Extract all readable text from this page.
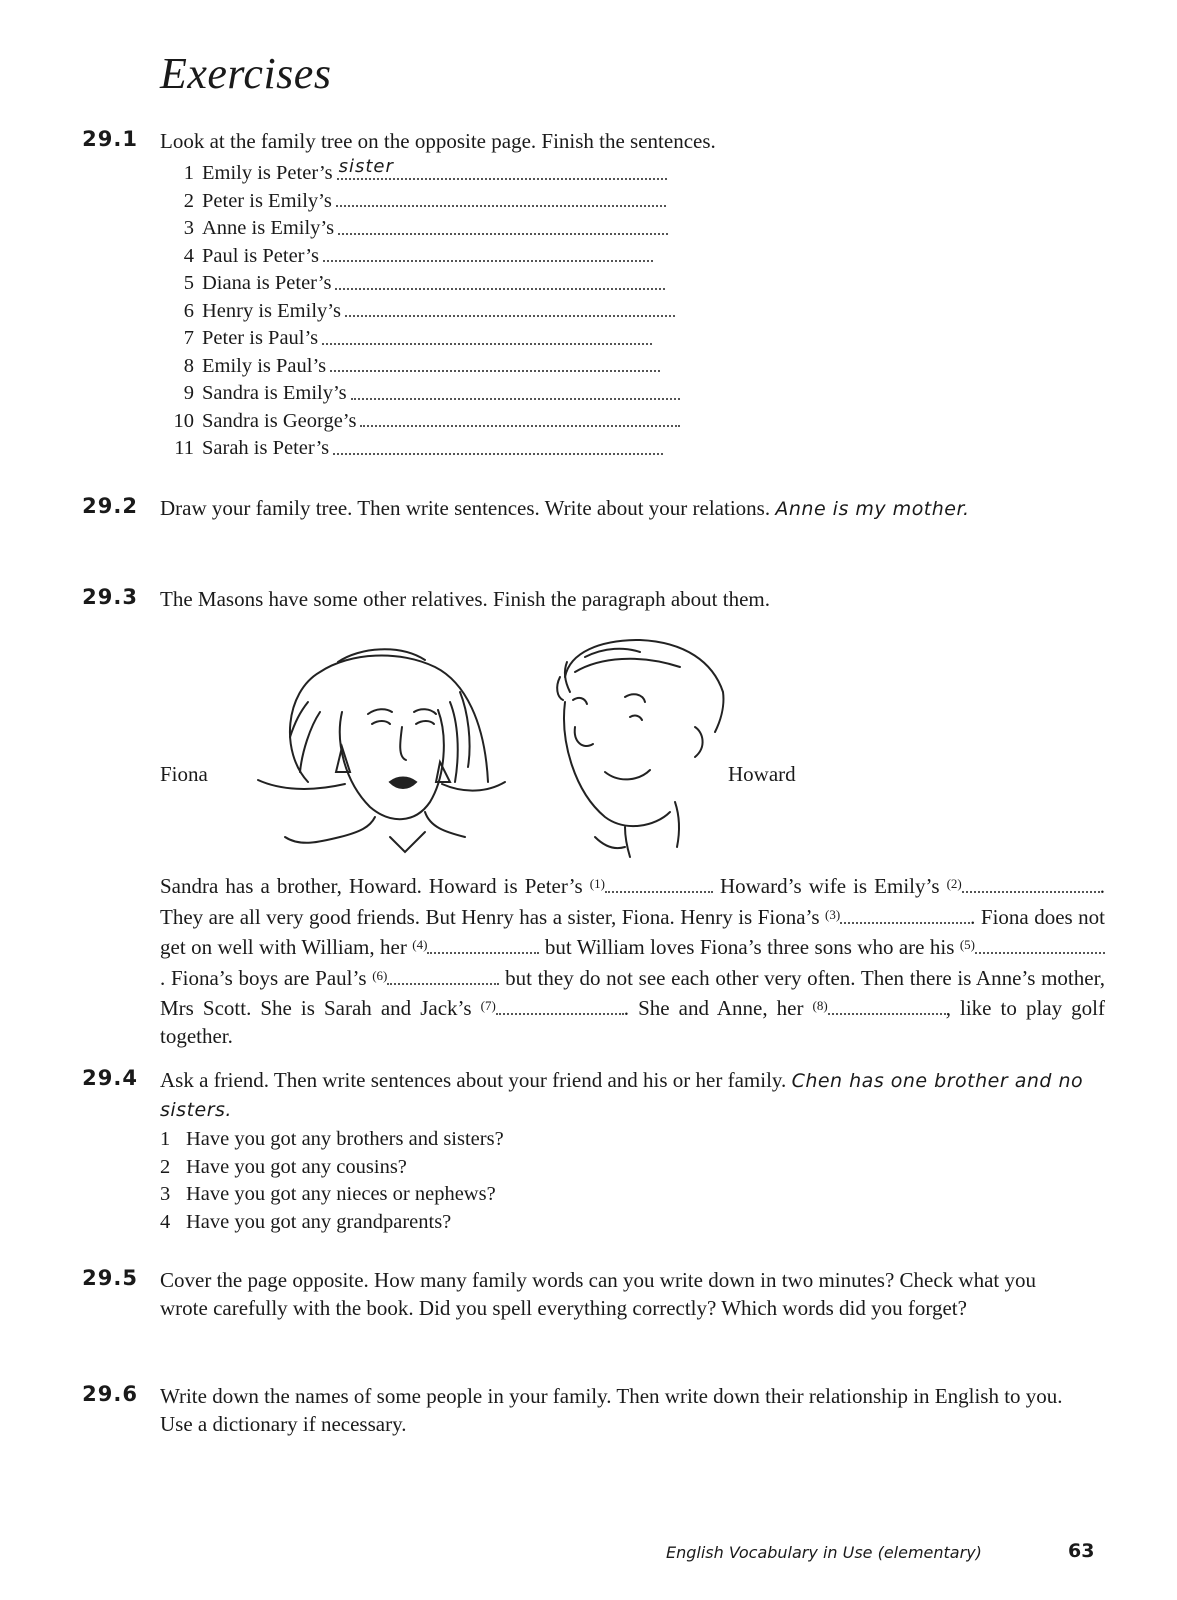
Exercises
29.1 Look at the family tree on the opposite page. Finish the sentences.
1 Emily is Peter’s sister
2 Peter is Emily’s
3 Anne is Emily’s
4 Paul is Peter’s
5 Diana is Peter’s
6 Henry is Emily’s
7 Peter is Paul’s
8 Emily is Paul’s
9 Sandra is Emily’s
10 Sandra is George’s
11 Sarah is Peter’s
29.2 Draw your family tree. Then write sentences. Write about your relations. Anne is my mother.
29.3 The Masons have some other relatives. Finish the paragraph about them.
Fiona	Howard
Sandra has a brother, Howard. Howard is Peter’s $^{(1)}$	Howard’s wife is Emily’s $^{(2)}$	. They are all very good friends. But Henry has a sister, Fiona. Henry is Fiona’s $^{(3)}$	. Fiona does not get on well with William, her $^{(4)}$	but William loves Fiona’s three sons who are his $^{(5)}$. Fiona’s boys are Paul’s $^{(6)}$	but they do not see each other very often. Then there is Anne’s mother, Mrs Scott. She is Sarah and Jack’s $^{(7)}$	. She and Anne, her $^{(8)}$	, like to play golf together.
29.4 Ask a friend. Then write sentences about your friend and his or her family. Chen has one brother and no sisters.
1 Have you got any brothers and sisters?
2 Have you got any cousins?
3 Have you got any nieces or nephews?
4 Have you got any grandparents?
29.5 Cover the page opposite. How many family words can you write down in two minutes? Check what you wrote carefully with the book. Did you spell everything correctly? Which words did you forget?
29.6 Write down the names of some people in your family. Then write down their relationship in English to you. Use a dictionary if necessary.
English Vocabulary in Use (elementary)	63
